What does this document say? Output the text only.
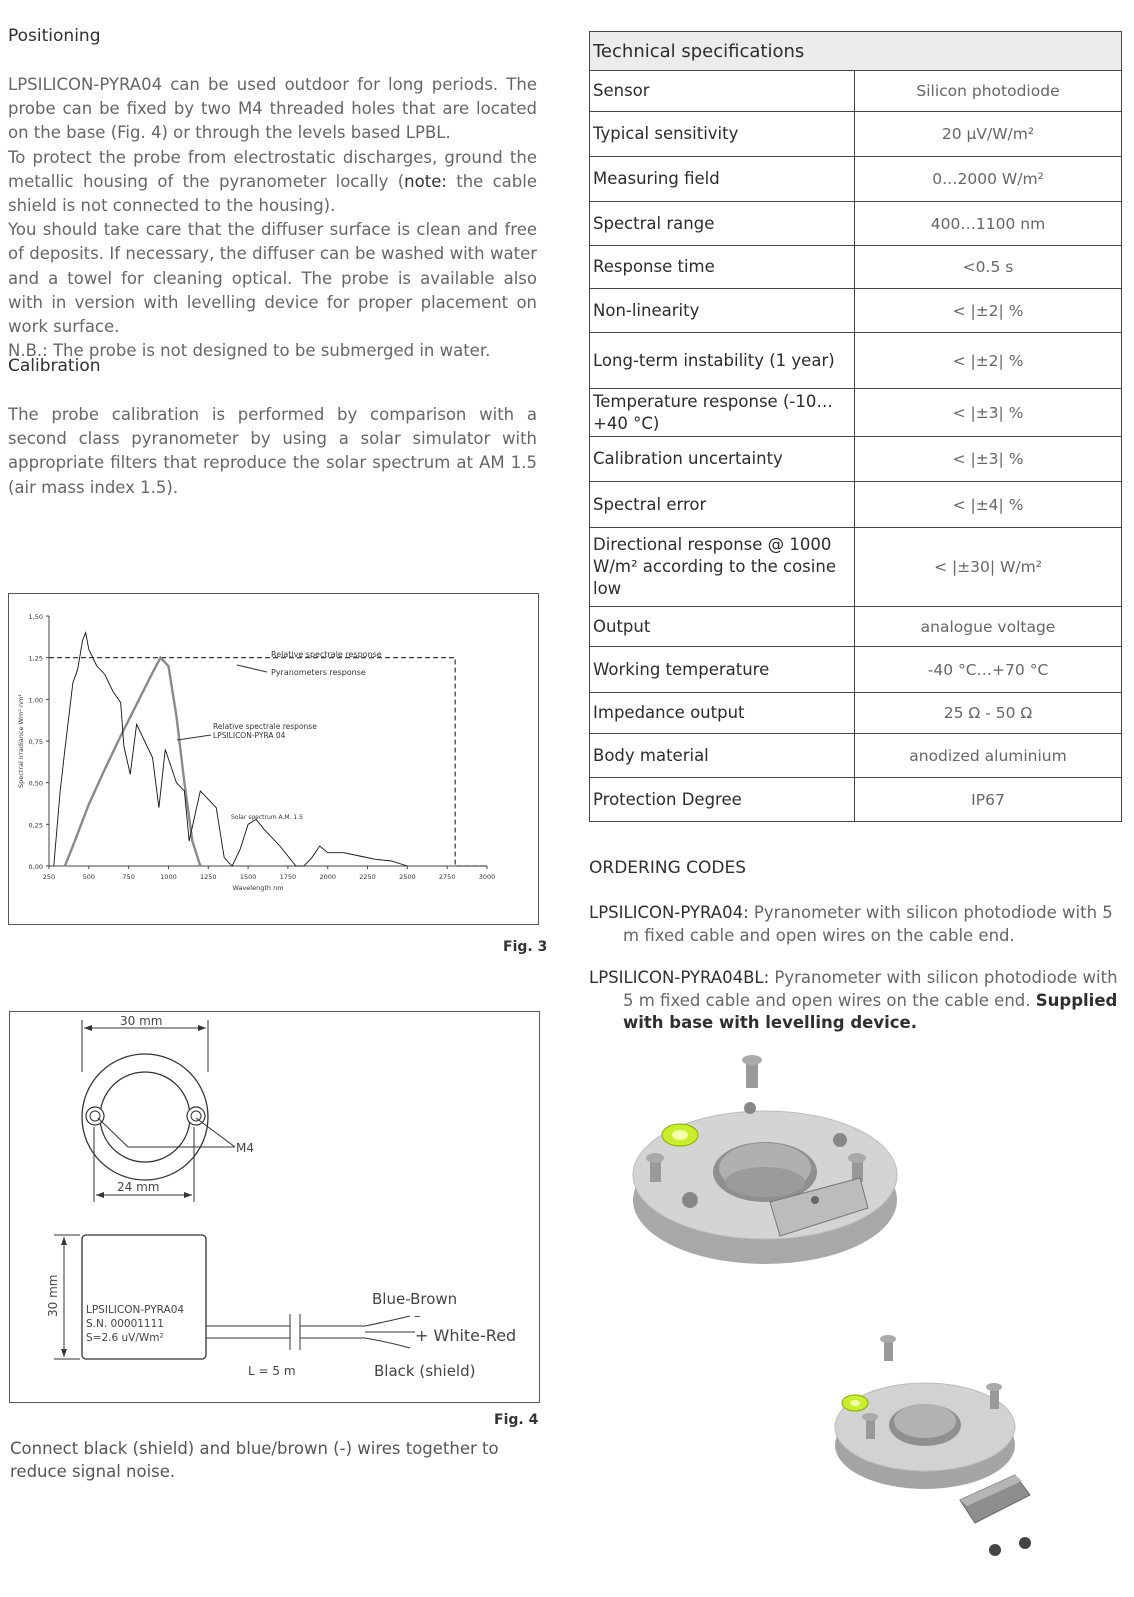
Positioning

LPSILICON-PYRA04 can be used outdoor for long periods. The probe can be fixed by two M4 threaded holes that are located on the base (Fig. 4) or through the levels based LPBL.

To protect the probe from electrostatic discharges, ground the metallic housing of the pyranometer locally (note: the cable shield is not connected to the housing).

You should take care that the diffuser surface is clean and free of deposits. If necessary, the diffuser can be washed with water and a towel for cleaning optical. The probe is available also with in version with levelling device for proper placement on work surface.

N.B.: The probe is not designed to be submerged in water.

Calibration
The probe calibration is performed by comparison with a second class pyranometer by using a solar simulator with appropriate filters that reproduce the solar spectrum at AM 1.5 (air mass index 1.5).
0,00
0,25
0,50
0,75
1,00
1,25
1,50
250	500	750	1000	1250	1500	1750	2000	2250	2500	2750	3000
Wavelength nm
Spectral irradiance Wm² nm¹
Relative spectrale response
Pyranometers response
Relative spectrale response
LPSILICON-PYRA 04
Solar spectrum A.M. 1.5
Fig. 3
30 mm
M4
24 mm
30 mm LPSILICON-PYRA04
S.N. 00001111
S=2.6 uV/Wm²
L = 5 m
Blue-Brown
–
+ White-Red
Black (shield)
Fig. 4
Connect black (shield) and blue/brown (-) wires together to reduce signal noise.
Technical specifications	
Sensor	Silicon photodiode
Typical sensitivity	20 µV/W/m²
Measuring field	0…2000 W/m²
Spectral range	400…1100 nm
Response time	<0.5 s
Non-linearity	< |±2| %
Long-term instability (1 year)	< |±2| %
Temperature response (-10…+40 °C)	< |±3| %
Calibration uncertainty	< |±3| %
Spectral error	< |±4| %
Directional response @ 1000 W/m² according to the cosine low	< |±30| W/m²
Output	analogue voltage
Working temperature	-40 °C…+70 °C
Impedance output	25 Ω - 50 Ω
Body material	anodized aluminium
Protection Degree	IP67
ORDERING CODES
LPSILICON-PYRA04: Pyranometer with silicon photodiode with 5 m fixed cable and open wires on the cable end.
LPSILICON-PYRA04BL: Pyranometer with silicon photodiode with 5 m fixed cable and open wires on the cable end. Supplied with base with levelling device.
